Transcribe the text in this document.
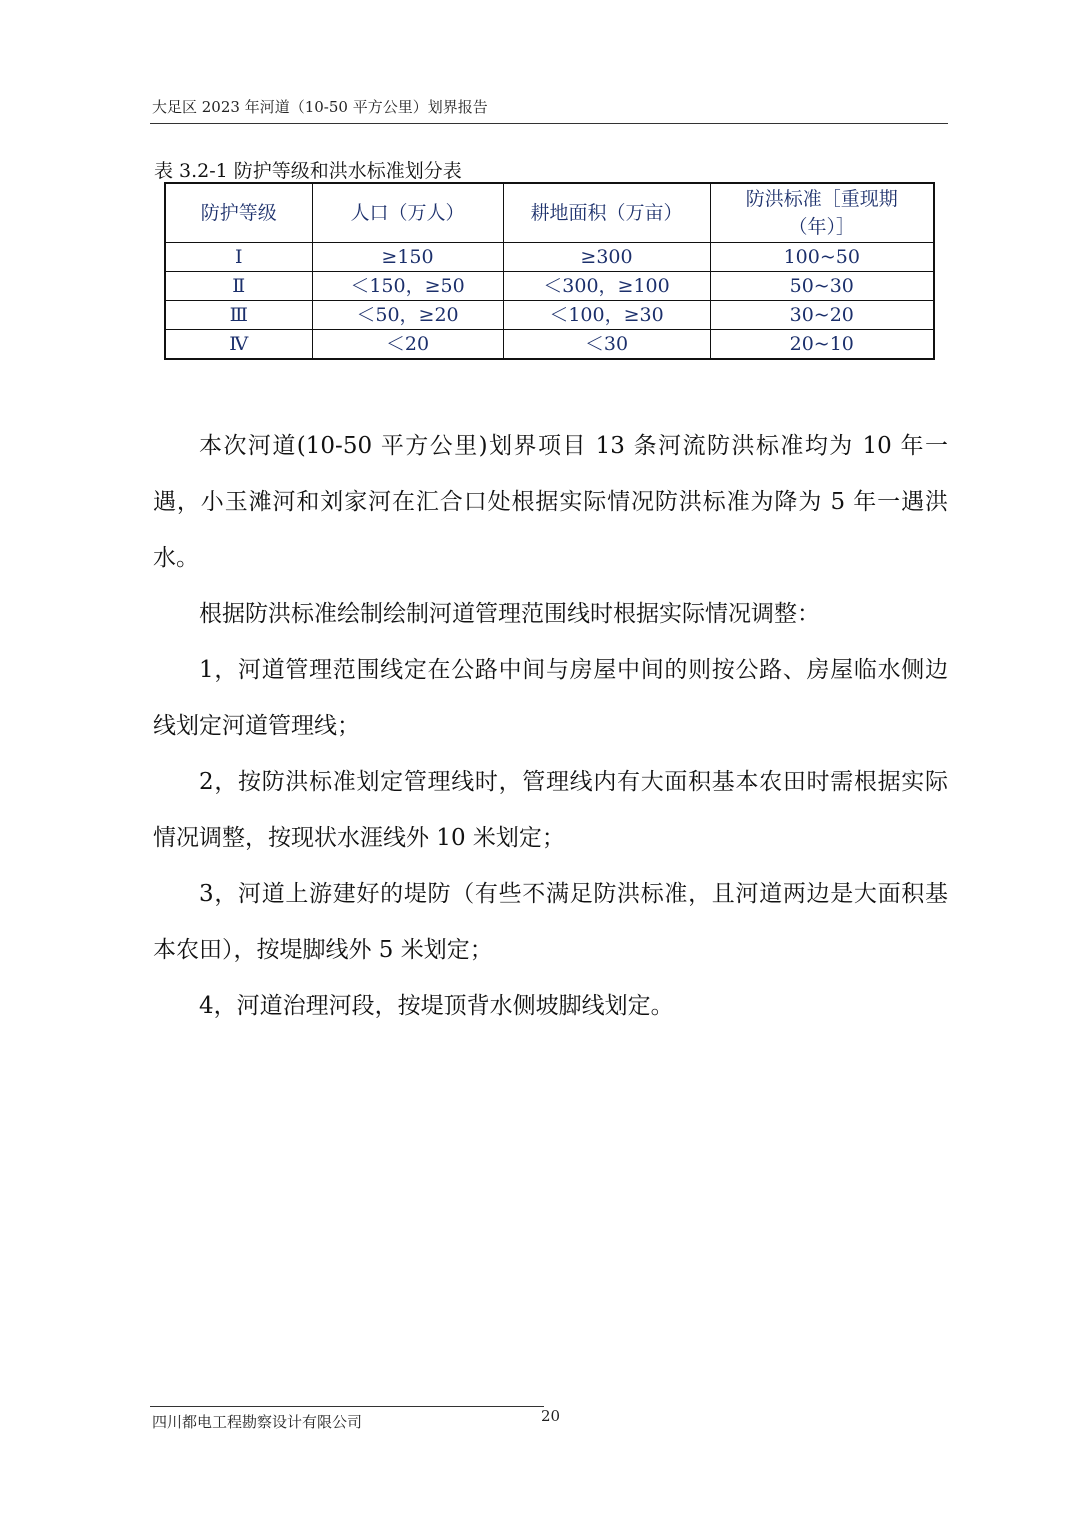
大足区 2023 年河道（10-50 平方公里）划界报告
表 3.2-1 防护等级和洪水标准划分表
防护等级	人口（万人）	耕地面积（万亩）	防洪标准［重现期（年）］
Ⅰ	≥150	≥300	100~50
Ⅱ	＜150，≥50	＜300，≥100	50~30
Ⅲ	＜50，≥20	＜100，≥30	30~20
Ⅳ	＜20	＜30	20~10

本次河道(10-50 平方公里)划界项目 13 条河流防洪标准均为 10 年一遇，小玉滩河和刘家河在汇合口处根据实际情况防洪标准为降为 5 年一遇洪水。

根据防洪标准绘制绘制河道管理范围线时根据实际情况调整：

1，河道管理范围线定在公路中间与房屋中间的则按公路、房屋临水侧边线划定河道管理线；

2，按防洪标准划定管理线时，管理线内有大面积基本农田时需根据实际情况调整，按现状水涯线外 10 米划定；

3，河道上游建好的堤防（有些不满足防洪标准，且河道两边是大面积基本农田），按堤脚线外 5 米划定；

4，河道治理河段，按堤顶背水侧坡脚线划定。

四川都电工程勘察设计有限公司	20
